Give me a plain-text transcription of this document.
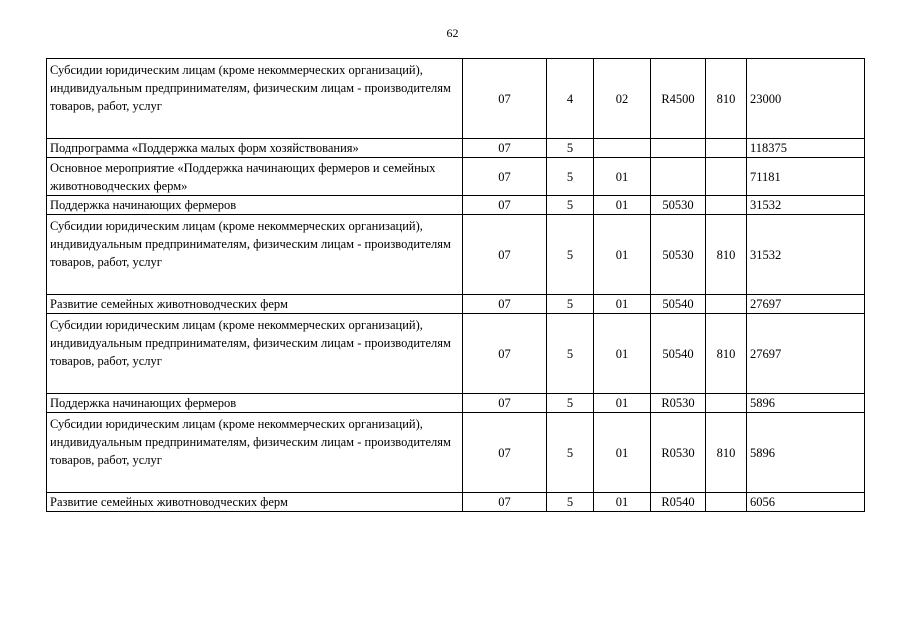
62
Субсидии юридическим лицам (кроме некоммерческих организаций), индивидуальным предпринимателям, физическим лицам - производителям товаров, работ, услуг	07	4	02	R4500	810	23000
Подпрограмма «Поддержка малых форм хозяйствования»	07	5				118375
Основное мероприятие «Поддержка начинающих фермеров и семейных животноводческих ферм»	07	5	01			71181
Поддержка начинающих фермеров	07	5	01	50530		31532
Субсидии юридическим лицам (кроме некоммерческих организаций), индивидуальным предпринимателям, физическим лицам - производителям товаров, работ, услуг	07	5	01	50530	810	31532
Развитие семейных животноводческих ферм	07	5	01	50540		27697
Субсидии юридическим лицам (кроме некоммерческих организаций), индивидуальным предпринимателям, физическим лицам - производителям товаров, работ, услуг	07	5	01	50540	810	27697
Поддержка начинающих фермеров	07	5	01	R0530		5896
Субсидии юридическим лицам (кроме некоммерческих организаций), индивидуальным предпринимателям, физическим лицам - производителям товаров, работ, услуг	07	5	01	R0530	810	5896
Развитие семейных животноводческих ферм	07	5	01	R0540		6056
